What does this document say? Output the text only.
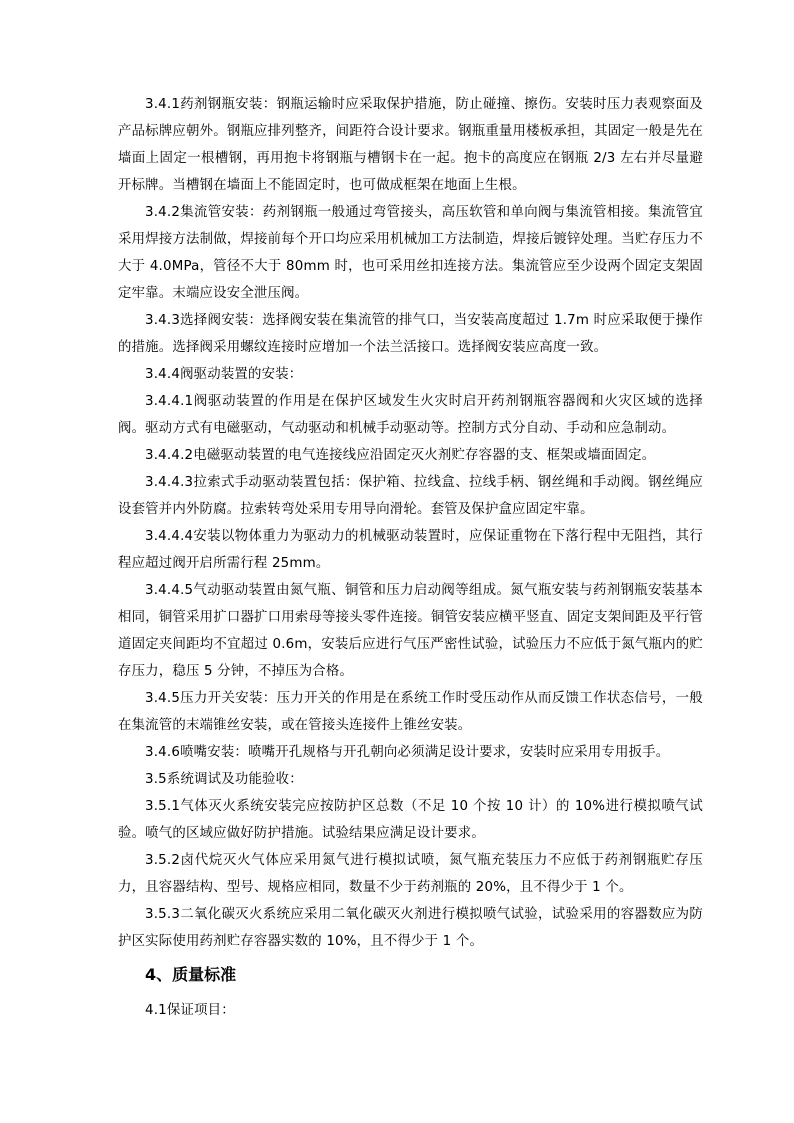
3.4.1药剂钢瓶安装：钢瓶运输时应采取保护措施，防止碰撞、擦伤。安装时压力表观察面及产品标牌应朝外。钢瓶应排列整齐，间距符合设计要求。钢瓶重量用楼板承担，其固定一般是先在墙面上固定一根槽钢，再用抱卡将钢瓶与槽钢卡在一起。抱卡的高度应在钢瓶 2/3 左右并尽量避开标牌。当槽钢在墙面上不能固定时，也可做成框架在地面上生根。

3.4.2集流管安装：药剂钢瓶一般通过弯管接头，高压软管和单向阀与集流管相接。集流管宜采用焊接方法制做，焊接前每个开口均应采用机械加工方法制造，焊接后镀锌处理。当贮存压力不大于 4.0MPa，管径不大于 80mm 时，也可采用丝扣连接方法。集流管应至少设两个固定支架固定牢靠。末端应设安全泄压阀。

3.4.3选择阀安装：选择阀安装在集流管的排气口，当安装高度超过 1.7m 时应采取便于操作的措施。选择阀采用螺纹连接时应增加一个法兰活接口。选择阀安装应高度一致。

3.4.4阀驱动装置的安装：

3.4.4.1阀驱动装置的作用是在保护区域发生火灾时启开药剂钢瓶容器阀和火灾区域的选择阀。驱动方式有电磁驱动，气动驱动和机械手动驱动等。控制方式分自动、手动和应急制动。

3.4.4.2电磁驱动装置的电气连接线应沿固定灭火剂贮存容器的支、框架或墙面固定。

3.4.4.3拉索式手动驱动装置包括：保护箱、拉线盒、拉线手柄、钢丝绳和手动阀。钢丝绳应设套管并内外防腐。拉索转弯处采用专用导向滑轮。套管及保护盒应固定牢靠。

3.4.4.4安装以物体重力为驱动力的机械驱动装置时，应保证重物在下落行程中无阻挡，其行程应超过阀开启所需行程 25mm。

3.4.4.5气动驱动装置由氮气瓶、铜管和压力启动阀等组成。氮气瓶安装与药剂钢瓶安装基本相同，铜管采用扩口器扩口用索母等接头零件连接。铜管安装应横平竖直、固定支架间距及平行管道固定夹间距均不宜超过 0.6m，安装后应进行气压严密性试验，试验压力不应低于氮气瓶内的贮存压力，稳压 5 分钟，不掉压为合格。

3.4.5压力开关安装：压力开关的作用是在系统工作时受压动作从而反馈工作状态信号，一般在集流管的末端锥丝安装，或在管接头连接件上锥丝安装。

3.4.6喷嘴安装：喷嘴开孔规格与开孔朝向必须满足设计要求，安装时应采用专用扳手。

3.5系统调试及功能验收：

3.5.1气体灭火系统安装完应按防护区总数（不足 10 个按 10 计）的 10%进行模拟喷气试验。喷气的区域应做好防护措施。试验结果应满足设计要求。

3.5.2卤代烷灭火气体应采用氮气进行模拟试喷，氮气瓶充装压力不应低于药剂钢瓶贮存压力，且容器结构、型号、规格应相同，数量不少于药剂瓶的 20%，且不得少于 1 个。

3.5.3二氧化碳灭火系统应采用二氧化碳灭火剂进行模拟喷气试验，试验采用的容器数应为防护区实际使用药剂贮存容器实数的 10%，且不得少于 1 个。

4、质量标准

4.1保证项目：
